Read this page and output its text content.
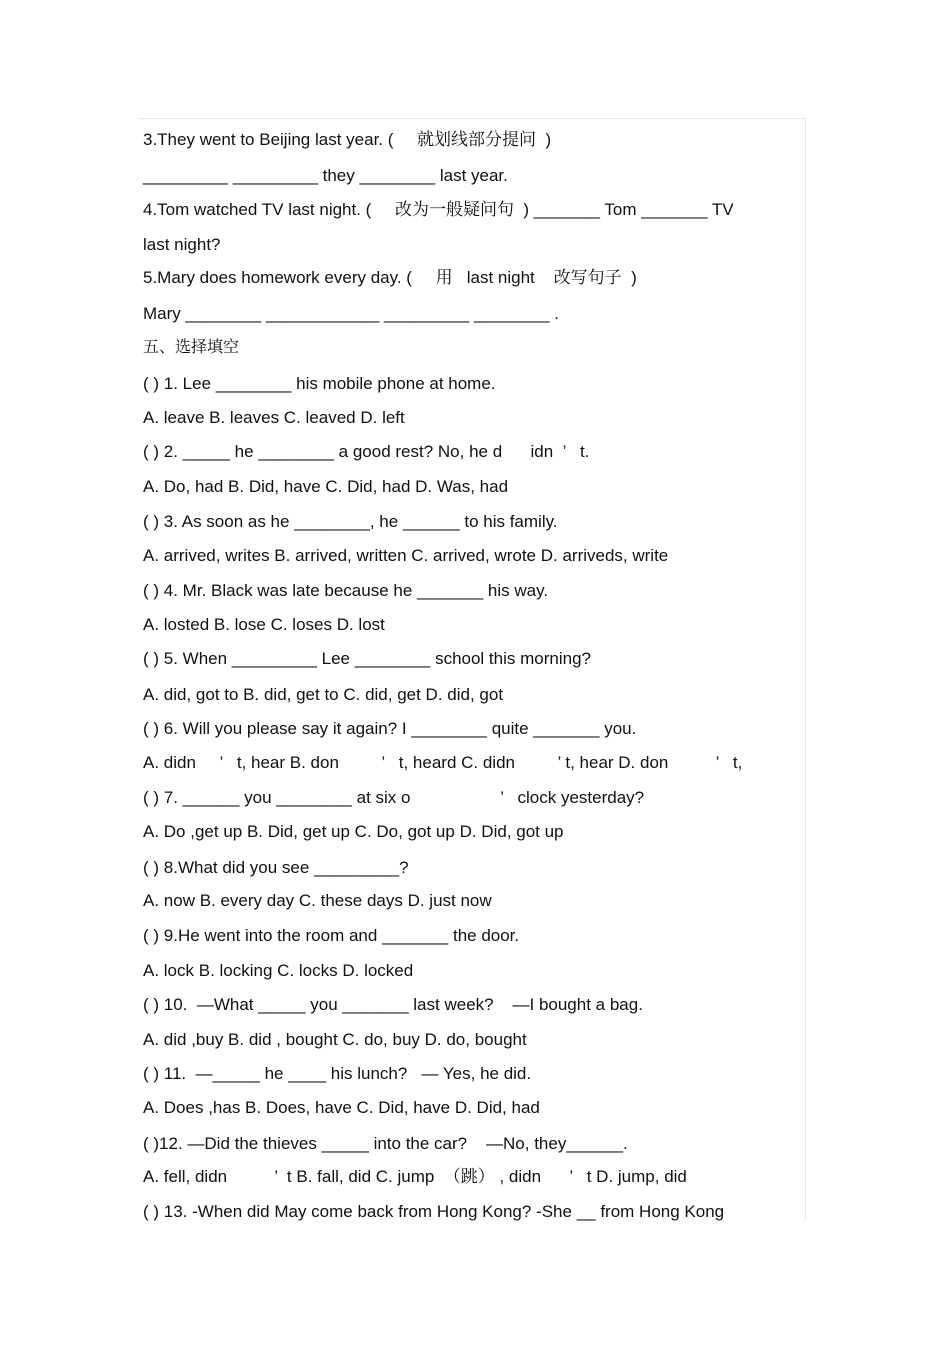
3.They went to Beijing last year. (     就划线部分提问  )
_________ _________ they ________ last year.
4.Tom watched TV last night. (     改为一般疑问句  ) _______ Tom _______ TV
last night?
5.Mary does homework every day. (     用   last night    改写句子  )
Mary ________ ____________ _________ ________ .
五、选择填空
( ) 1. Lee ________ his mobile phone at home.
A. leave B. leaves C. leaved D. left
( ) 2. _____ he ________ a good rest? No, he d      idn  ’   t.
A. Do, had B. Did, have C. Did, had D. Was, had
( ) 3. As soon as he ________, he ______ to his family.
A. arrived, writes B. arrived, written C. arrived, wrote D. arriveds, write
( ) 4. Mr. Black was late because he _______ his way.
A. losted B. lose C. loses D. lost
( ) 5. When _________ Lee ________ school this morning?
A. did, got to B. did, get to C. did, get D. did, got
( ) 6. Will you please say it again? I ________ quite _______ you.
A. didn     ’   t, hear B. don         ’   t, heard C. didn         ’ t, hear D. don          ’   t,
( ) 7. ______ you ________ at six o                   ’   clock yesterday?
A. Do ,get up B. Did, get up C. Do, got up D. Did, got up
( ) 8.What did you see _________?
A. now B. every day C. these days D. just now
( ) 9.He went into the room and _______ the door.
A. lock B. locking C. locks D. locked
( ) 10.  —What _____ you _______ last week?    —I bought a bag.
A. did ,buy B. did , bought C. do, buy D. do, bought
( ) 11.  —_____ he ____ his lunch?   — Yes, he did.
A. Does ,has B. Does, have C. Did, have D. Did, had
( )12. —Did the thieves _____ into the car?    —No, they______.
A. fell, didn          ’  t B. fall, did C. jump  （跳） , didn      ’   t D. jump, did
( ) 13. -When did May come back from Hong Kong? -She __ from Hong Kong
